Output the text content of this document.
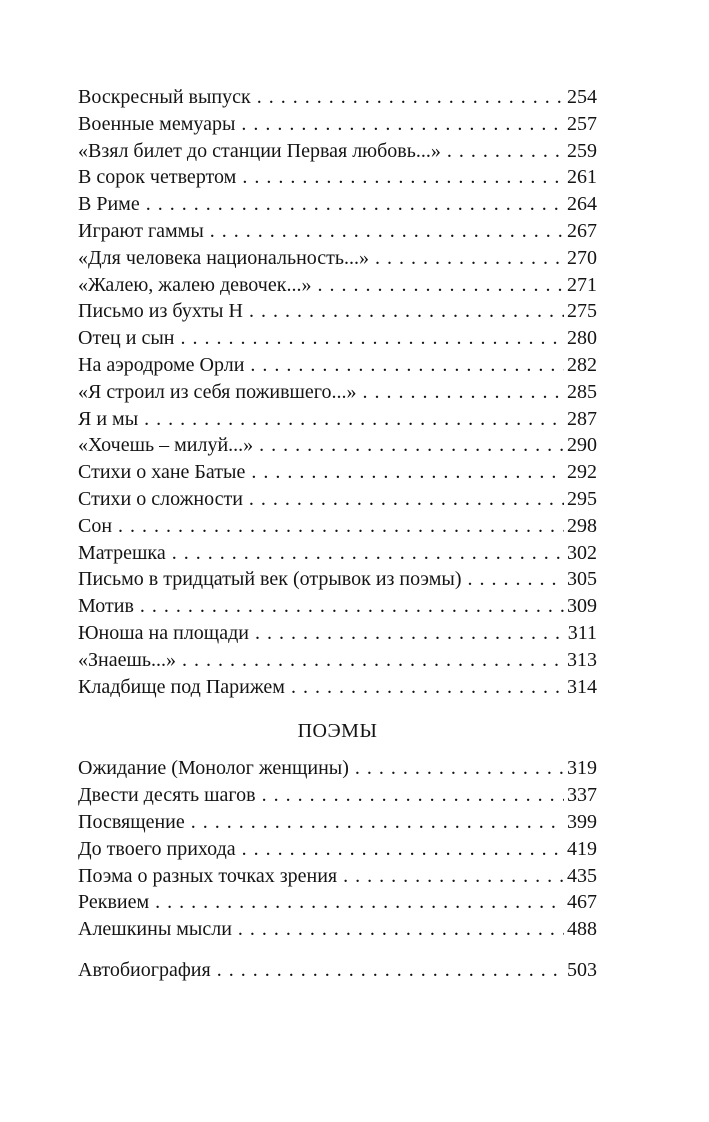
Воскресный выпуск . . .	254
Военные мемуары . . .	257
«Взял билет до станции Первая любовь...» . . .	259
В сорок четвертом . . .	261
В Риме . . .	264
Играют гаммы . . .	267
«Для человека национальность...» . . .	270
«Жалею, жалею девочек...» . . .	271
Письмо из бухты Н . . .	275
Отец и сын . . .	280
На аэродроме Орли . . .	282
«Я строил из себя пожившего...» . . .	285
Я и мы . . .	287
«Хочешь – милуй...» . . .	290
Стихи о хане Батые . . .	292
Стихи о сложности . . .	295
Сон . . .	298
Матрешка . . .	302
Письмо в тридцатый век (отрывок из поэмы) . . .	305
Мотив . . .	309
Юноша на площади . . .	311
«Знаешь...» . . .	313
Кладбище под Парижем . . .	314
ПОЭМЫ
Ожидание (Монолог женщины) . . .	319
Двести десять шагов . . .	337
Посвящение . . .	399
До твоего прихода . . .	419
Поэма о разных точках зрения . . .	435
Реквием . . .	467
Алешкины мысли . . .	488
Автобиография . . .	503
